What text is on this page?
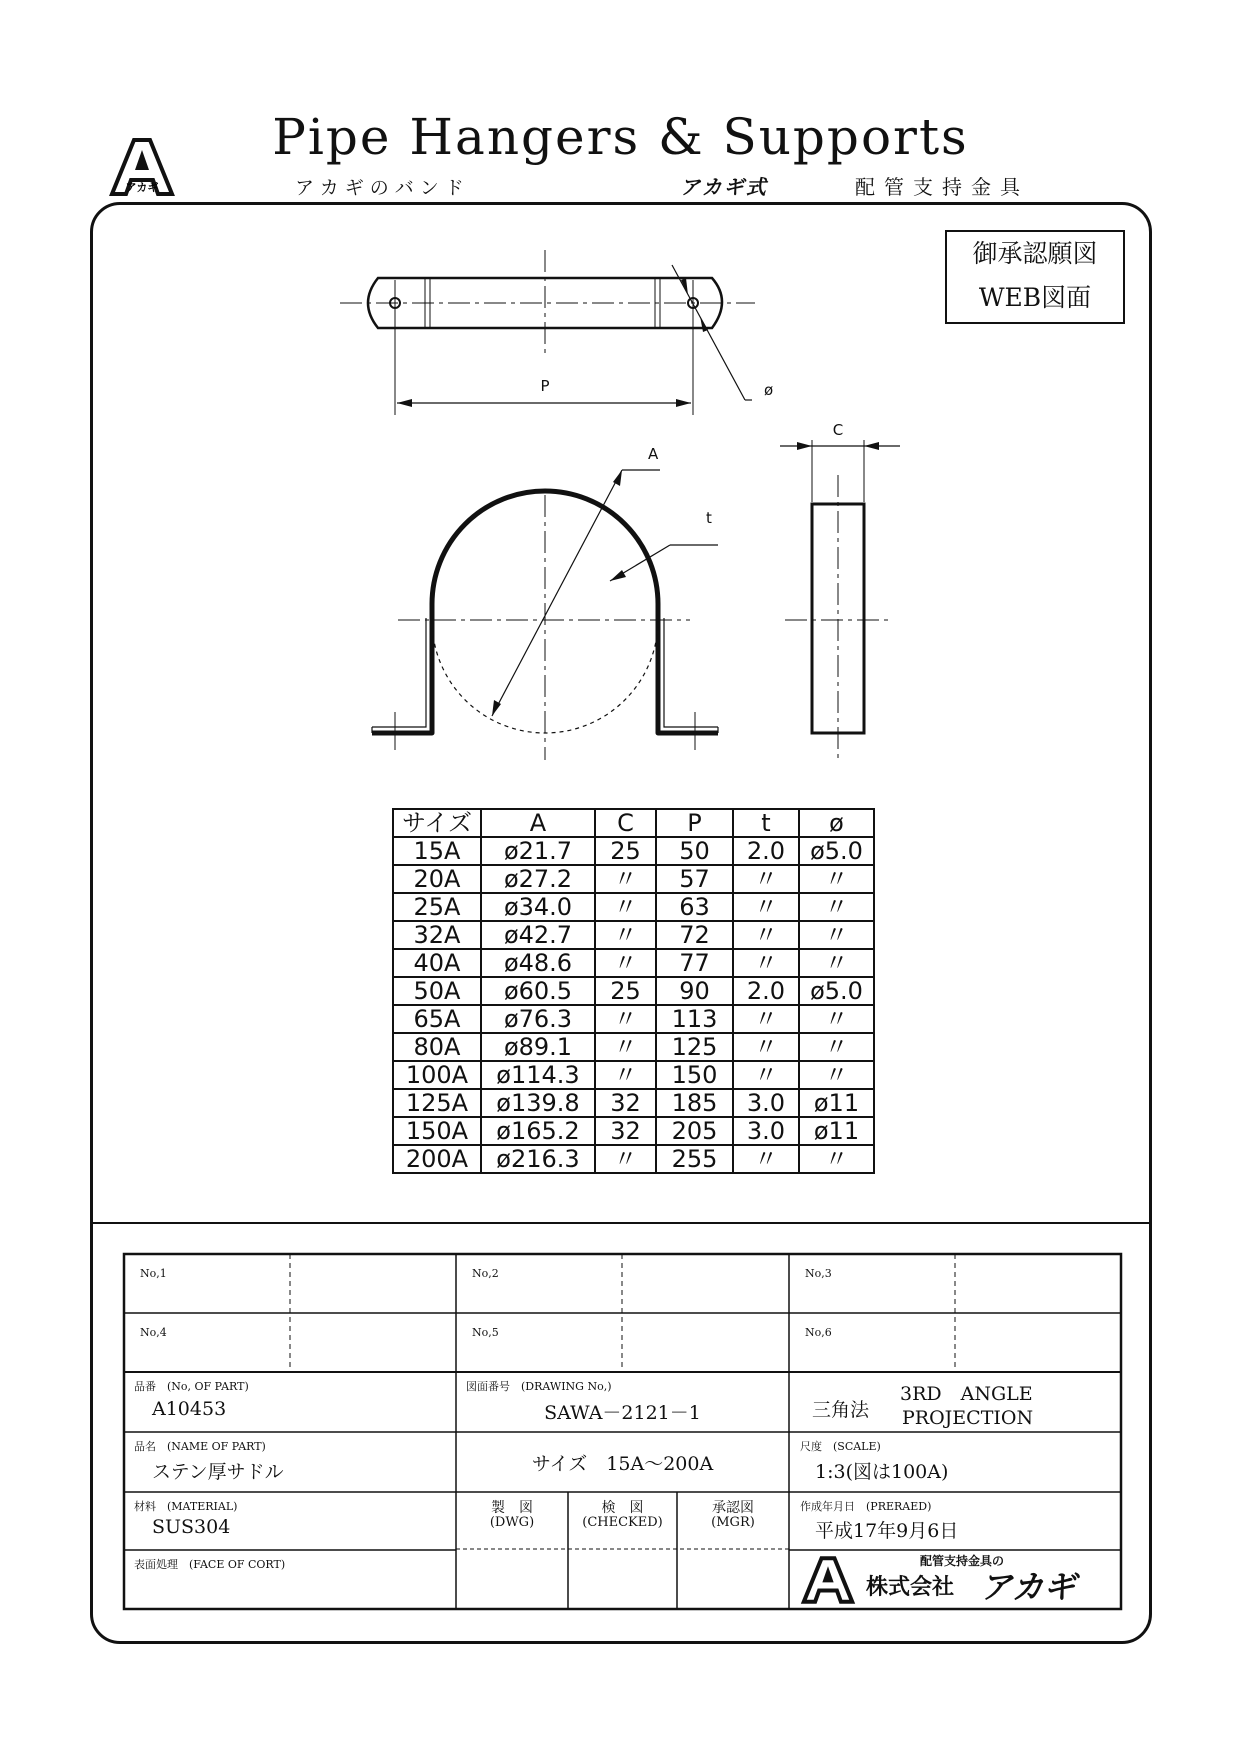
アカギ
Pipe Hangers & Supports
アカギのバンド	アカギ式	配管支持金具
御承認願図
WEB図面
P	ø
A
t
C
サイズ	A	C	P	t	ø
15A	ø21.7	25	50	2.0	ø5.0
20A	ø27.2	〃	57	〃	〃
25A	ø34.0	〃	63	〃	〃
32A	ø42.7	〃	72	〃	〃
40A	ø48.6	〃	77	〃	〃
50A	ø60.5	25	90	2.0	ø5.0
65A	ø76.3	〃	113	〃	〃
80A	ø89.1	〃	125	〃	〃
100A	ø114.3	〃	150	〃	〃
125A	ø139.8	32	185	3.0	ø11
150A	ø165.2	32	205	3.0	ø11
200A	ø216.3	〃	255	〃	〃
No,1	No,2	No,3
No,4	No,5	No,6
品番　(No, OF PART)
A10453
図面番号　(DRAWING No,)
SAWA－2121－1	三角法
3RD　ANGLE
PROJECTION
品名　(NAME OF PART)
ステン厚サドル	サイズ　15A～200A
尺度　(SCALE)
1:3(図は100A)
材料　(MATERIAL)
SUS304
製　図
(DWG)
検　図
(CHECKED)
承認図
(MGR)
作成年月日　(PRERAED)
平成17年9月6日
表面処理　(FACE OF CORT)	配管支持金具の
株式会社 アカギ
